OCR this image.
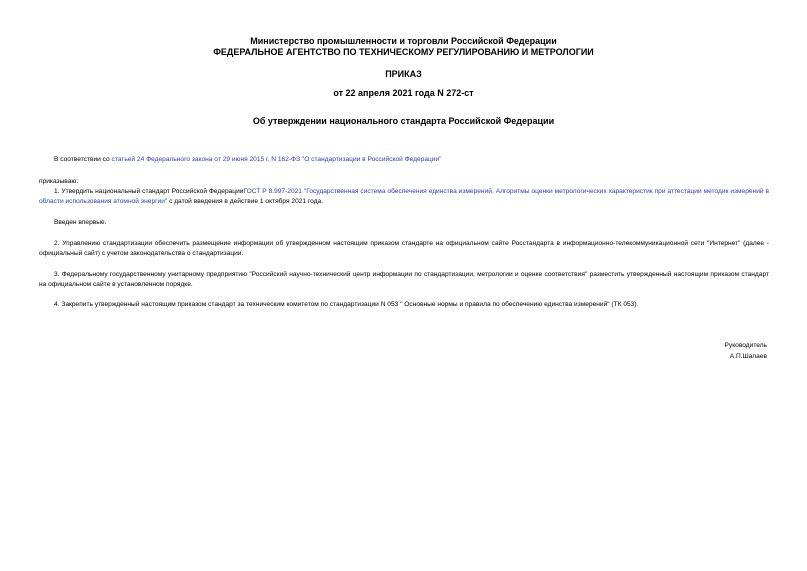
Министерство промышленности и торговли Российской Федерации
ФЕДЕРАЛЬНОЕ АГЕНТСТВО ПО ТЕХНИЧЕСКОМУ РЕГУЛИРОВАНИЮ И МЕТРОЛОГИИ
ПРИКАЗ
от 22 апреля 2021 года N 272-ст
Об утверждении национального стандарта Российской Федерации
В соответствии со статьей 24 Федерального закона от 29 июня 2015 г. N 162-ФЗ "О стандартизации в Российской Федерации"
приказываю:
1. Утвердить национальный стандарт Российской ФедерацииГОСТ Р 8.997-2021 "Государственная система обеспечения единства измерений. Алгоритмы оценки метрологических характеристик при аттестации методик измерений в области использования атомной энергии" с датой введения в действие 1 октября 2021 года.
Введен впервые.
2. Управлению стандартизации обеспечить размещение информации об утвержденном настоящим приказом стандарте на официальном сайте Росстандарта в информационно-телекоммуникационной сети "Интернет" (далее - официальный сайт) с учетом законодательства о стандартизации.
3. Федеральному государственному унитарному предприятию "Российский научно-технический центр информации по стандартизации, метрологии и оценке соответствия" разместить утвержденный настоящим приказом стандарт на официальном сайте в установленном порядке.
4. Закрепить утвержденный настоящим приказом стандарт за техническим комитетом по стандартизации N 053 " Основные нормы и правила по обеспечению единства измерений" (ТК 053).
Руководитель
А.П.Шалаев
